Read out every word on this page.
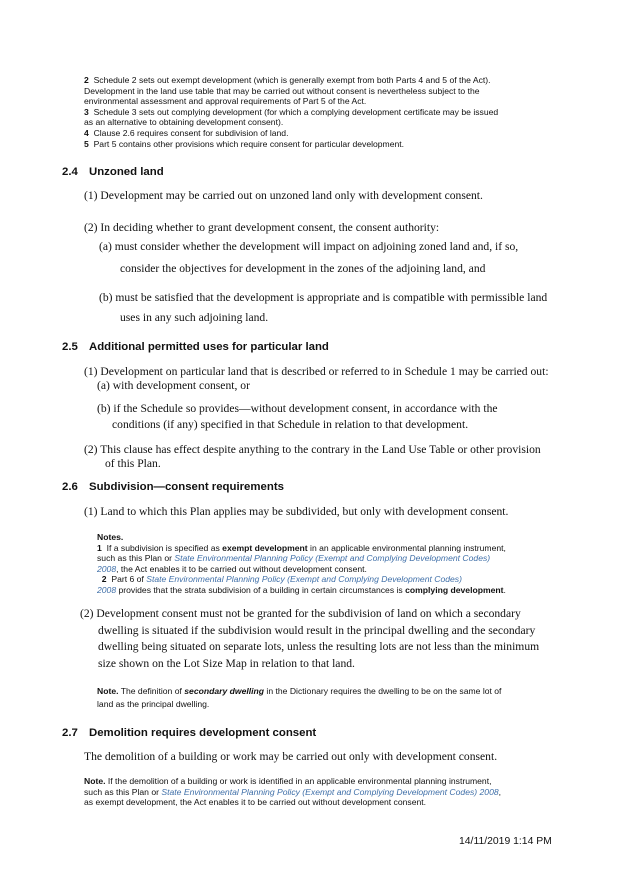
2 Schedule 2 sets out exempt development (which is generally exempt from both Parts 4 and 5 of the Act).
Development in the land use table that may be carried out without consent is nevertheless subject to the
environmental assessment and approval requirements of Part 5 of the Act.
3 Schedule 3 sets out complying development (for which a complying development certificate may be issued
as an alternative to obtaining development consent).
4 Clause 2.6 requires consent for subdivision of land.
5 Part 5 contains other provisions which require consent for particular development.
2.4 Unzoned land
(1) Development may be carried out on unzoned land only with development consent.
(2) In deciding whether to grant development consent, the consent authority:
(a) must consider whether the development will impact on adjoining zoned land and, if so,
consider the objectives for development in the zones of the adjoining land, and
(b) must be satisfied that the development is appropriate and is compatible with permissible land
uses in any such adjoining land.
2.5 Additional permitted uses for particular land
(1) Development on particular land that is described or referred to in Schedule 1 may be carried out:
(a) with development consent, or
(b) if the Schedule so provides—without development consent, in accordance with the
conditions (if any) specified in that Schedule in relation to that development.
(2) This clause has effect despite anything to the contrary in the Land Use Table or other provision
of this Plan.
2.6 Subdivision—consent requirements
(1) Land to which this Plan applies may be subdivided, but only with development consent.
Notes.
1 If a subdivision is specified as exempt development in an applicable environmental planning instrument,
such as this Plan or State Environmental Planning Policy (Exempt and Complying Development Codes)
2008, the Act enables it to be carried out without development consent.
2 Part 6 of State Environmental Planning Policy (Exempt and Complying Development Codes)
2008 provides that the strata subdivision of a building in certain circumstances is complying development.
(2) Development consent must not be granted for the subdivision of land on which a secondary
dwelling is situated if the subdivision would result in the principal dwelling and the secondary
dwelling being situated on separate lots, unless the resulting lots are not less than the minimum
size shown on the Lot Size Map in relation to that land.
Note. The definition of secondary dwelling in the Dictionary requires the dwelling to be on the same lot of
land as the principal dwelling.
2.7 Demolition requires development consent
The demolition of a building or work may be carried out only with development consent.
Note. If the demolition of a building or work is identified in an applicable environmental planning instrument,
such as this Plan or State Environmental Planning Policy (Exempt and Complying Development Codes) 2008,
as exempt development, the Act enables it to be carried out without development consent.
14/11/2019 1:14 PM
